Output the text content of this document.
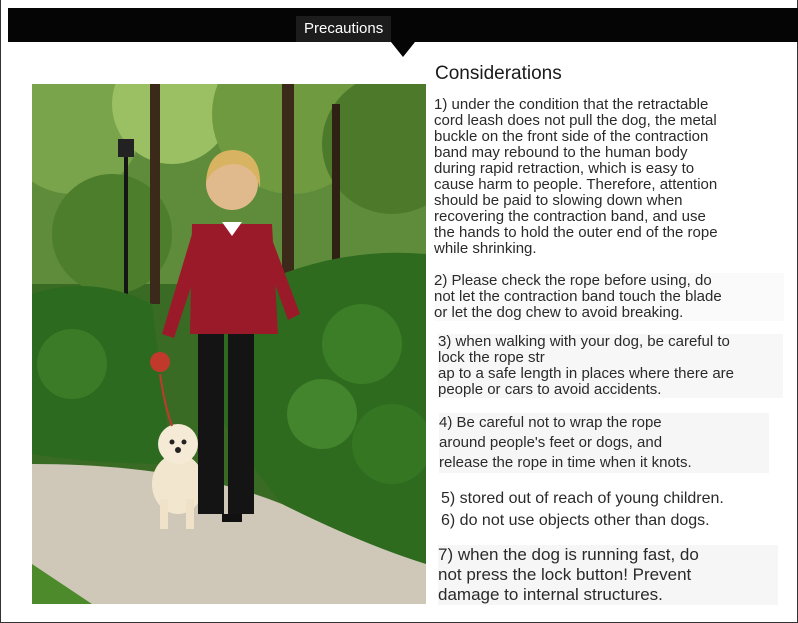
Precautions
Considerations

1) under the condition that the retractable
cord leash does not pull the dog, the metal
buckle on the front side of the contraction
band may rebound to the human body
during rapid retraction, which is easy to
cause harm to people. Therefore, attention
should be paid to slowing down when
recovering the contraction band, and use
the hands to hold the outer end of the rope
while shrinking.

2) Please check the rope before using, do
not let the contraction band touch the blade
or let the dog chew to avoid breaking.

3) when walking with your dog, be careful to
lock the rope str
ap to a safe length in places where there are
people or cars to avoid accidents.

4) Be careful not to wrap the rope
around people's feet or dogs, and
release the rope in time when it knots.

5) stored out of reach of young children.

6) do not use objects other than dogs.

7) when the dog is running fast, do
not press the lock button! Prevent
damage to internal structures.
